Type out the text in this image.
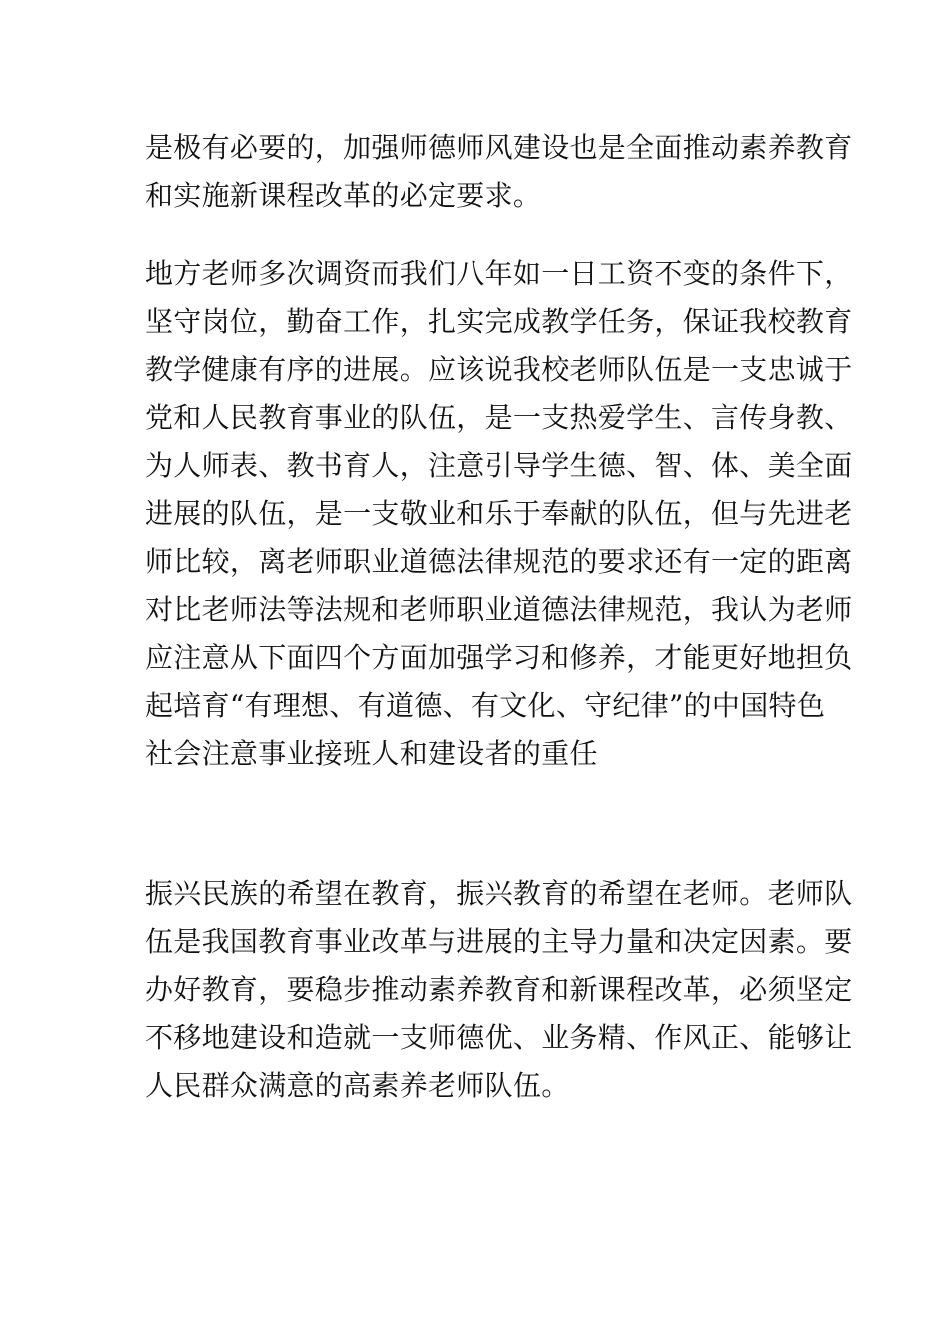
是极有必要的，加强师德师风建设也是全面推动素养教育
和实施新课程改革的必定要求。
地方老师多次调资而我们八年如一日工资不变的条件下，
坚守岗位，勤奋工作，扎实完成教学任务，保证我校教育
教学健康有序的进展。应该说我校老师队伍是一支忠诚于
党和人民教育事业的队伍，是一支热爱学生、言传身教、
为人师表、教书育人，注意引导学生德、智、体、美全面
进展的队伍，是一支敬业和乐于奉献的队伍，但与先进老
师比较，离老师职业道德法律规范的要求还有一定的距离
对比老师法等法规和老师职业道德法律规范，我认为老师
应注意从下面四个方面加强学习和修养，才能更好地担负
起培育“有理想、有道德、有文化、守纪律”的中国特色
社会注意事业接班人和建设者的重任
振兴民族的希望在教育，振兴教育的希望在老师。老师队
伍是我国教育事业改革与进展的主导力量和决定因素。要
办好教育，要稳步推动素养教育和新课程改革，必须坚定
不移地建设和造就一支师德优、业务精、作风正、能够让
人民群众满意的高素养老师队伍。
